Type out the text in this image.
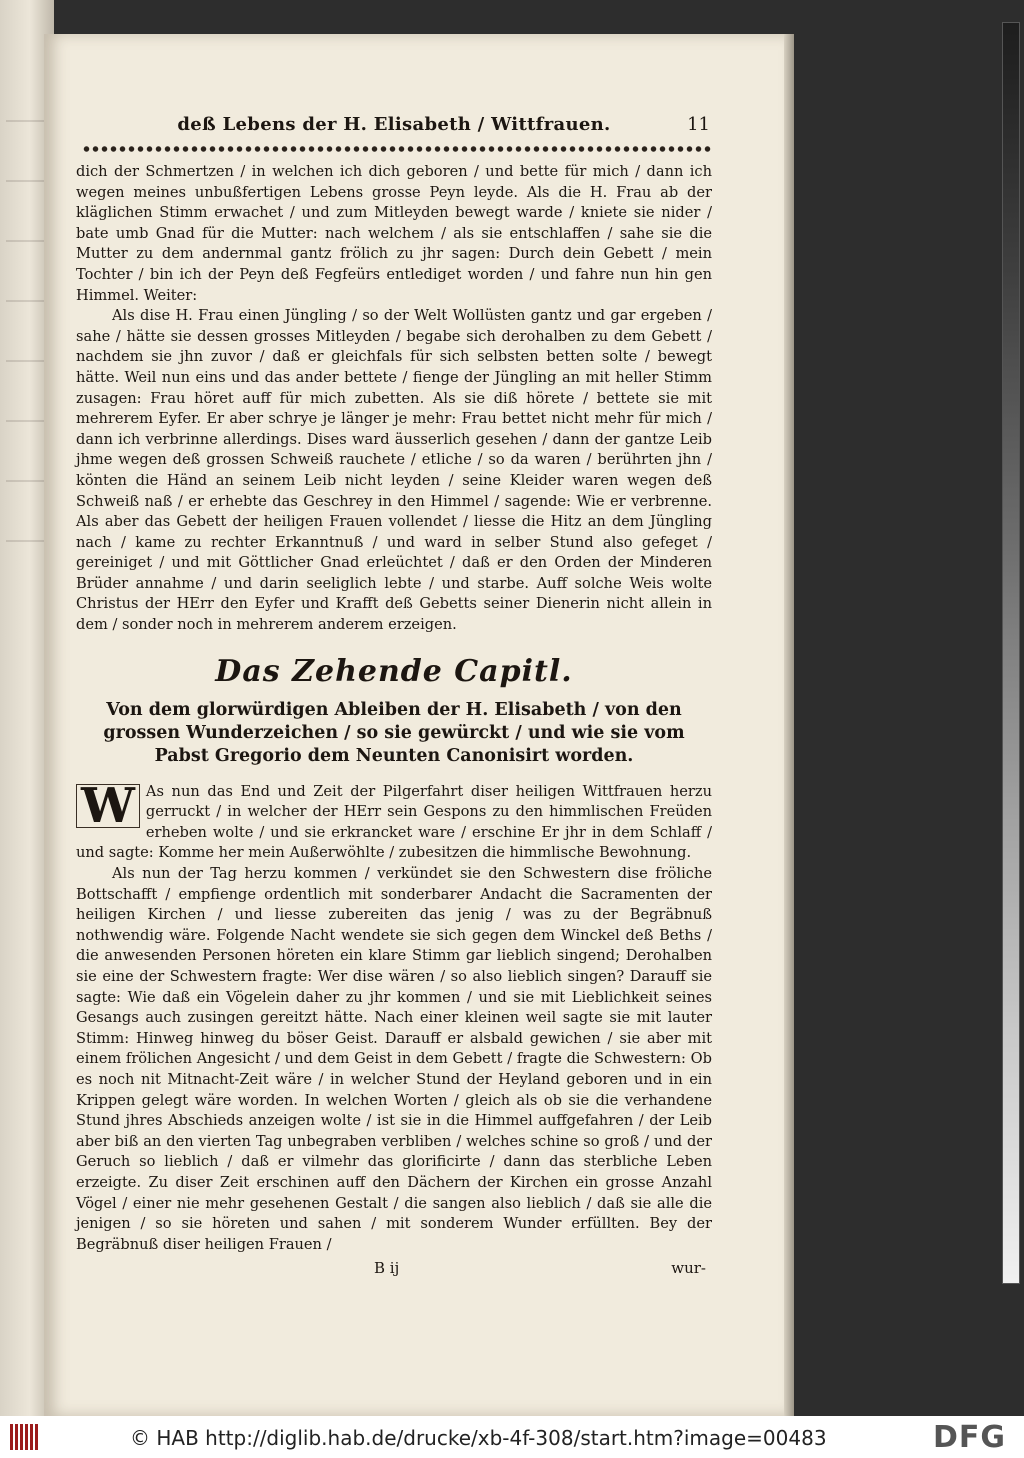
deß Lebens der H. Elisabeth / Wittfrauen.	11

dich der Schmertzen / in welchen ich dich geboren / und bette für mich / dann ich wegen meines unbußfertigen Lebens grosse Peyn leyde. Als die H. Frau ab der kläglichen Stimm erwachet / und zum Mitleyden bewegt warde / kniete sie nider / bate umb Gnad für die Mutter: nach welchem / als sie entschlaffen / sahe sie die Mutter zu dem andernmal gantz frölich zu jhr sagen: Durch dein Gebett / mein Tochter / bin ich der Peyn deß Fegfeürs entlediget worden / und fahre nun hin gen Himmel. Weiter:

Als dise H. Frau einen Jüngling / so der Welt Wollüsten gantz und gar ergeben / sahe / hätte sie dessen grosses Mitleyden / begabe sich derohalben zu dem Gebett / nachdem sie jhn zuvor / daß er gleichfals für sich selbsten betten solte / bewegt hätte. Weil nun eins und das ander bettete / fienge der Jüngling an mit heller Stimm zusagen: Frau höret auff für mich zubetten. Als sie diß hörete / bettete sie mit mehrerem Eyfer. Er aber schrye je länger je mehr: Frau bettet nicht mehr für mich / dann ich verbrinne allerdings. Dises ward äusserlich gesehen / dann der gantze Leib jhme wegen deß grossen Schweiß rauchete / etliche / so da waren / berührten jhn / könten die Händ an seinem Leib nicht leyden / seine Kleider waren wegen deß Schweiß naß / er erhebte das Geschrey in den Himmel / sagende: Wie er verbrenne. Als aber das Gebett der heiligen Frauen vollendet / liesse die Hitz an dem Jüngling nach / kame zu rechter Erkanntnuß / und ward in selber Stund also gefeget / gereiniget / und mit Göttlicher Gnad erleüchtet / daß er den Orden der Minderen Brüder annahme / und darin seeliglich lebte / und starbe. Auff solche Weis wolte Christus der HErr den Eyfer und Krafft deß Gebetts seiner Dienerin nicht allein in dem / sonder noch in mehrerem anderem erzeigen.

Das Zehende Capitl.
Von dem glorwürdigen Ableiben der H. Elisabeth / von den grossen Wunderzeichen / so sie gewürckt / und wie sie vom Pabst Gregorio dem Neunten Canonisirt worden.

W As nun das End und Zeit der Pilgerfahrt diser heiligen Wittfrauen herzu gerruckt / in welcher der HErr sein Gespons zu den himmlischen Freüden erheben wolte / und sie erkrancket ware / erschine Er jhr in dem Schlaff / und sagte: Komme her mein Außerwöhlte / zubesitzen die himmlische Bewohnung.

Als nun der Tag herzu kommen / verkündet sie den Schwestern dise fröliche Bottschafft / empfienge ordentlich mit sonderbarer Andacht die Sacramenten der heiligen Kirchen / und liesse zubereiten das jenig / was zu der Begräbnuß nothwendig wäre. Folgende Nacht wendete sie sich gegen dem Winckel deß Beths / die anwesenden Personen höreten ein klare Stimm gar lieblich singend; Derohalben sie eine der Schwestern fragte: Wer dise wären / so also lieblich singen? Darauff sie sagte: Wie daß ein Vögelein daher zu jhr kommen / und sie mit Lieblichkeit seines Gesangs auch zusingen gereitzt hätte. Nach einer kleinen weil sagte sie mit lauter Stimm: Hinweg hinweg du böser Geist. Darauff er alsbald gewichen / sie aber mit einem frölichen Angesicht / und dem Geist in dem Gebett / fragte die Schwestern: Ob es noch nit Mitnacht-Zeit wäre / in welcher Stund der Heyland geboren und in ein Krippen gelegt wäre worden. In welchen Worten / gleich als ob sie die verhandene Stund jhres Abschieds anzeigen wolte / ist sie in die Himmel auffgefahren / der Leib aber biß an den vierten Tag unbegraben verbliben / welches schine so groß / und der Geruch so lieblich / daß er vilmehr das glorificirte / dann das sterbliche Leben erzeigte. Zu diser Zeit erschinen auff den Dächern der Kirchen ein grosse Anzahl Vögel / einer nie mehr gesehenen Gestalt / die sangen also lieblich / daß sie alle die jenigen / so sie höreten und sahen / mit sonderem Wunder erfüllten. Bey der Begräbnuß diser heiligen Frauen /

B ij	wur-
© HAB http://diglib.hab.de/drucke/xb-4f-308/start.htm?image=00483	DFG
